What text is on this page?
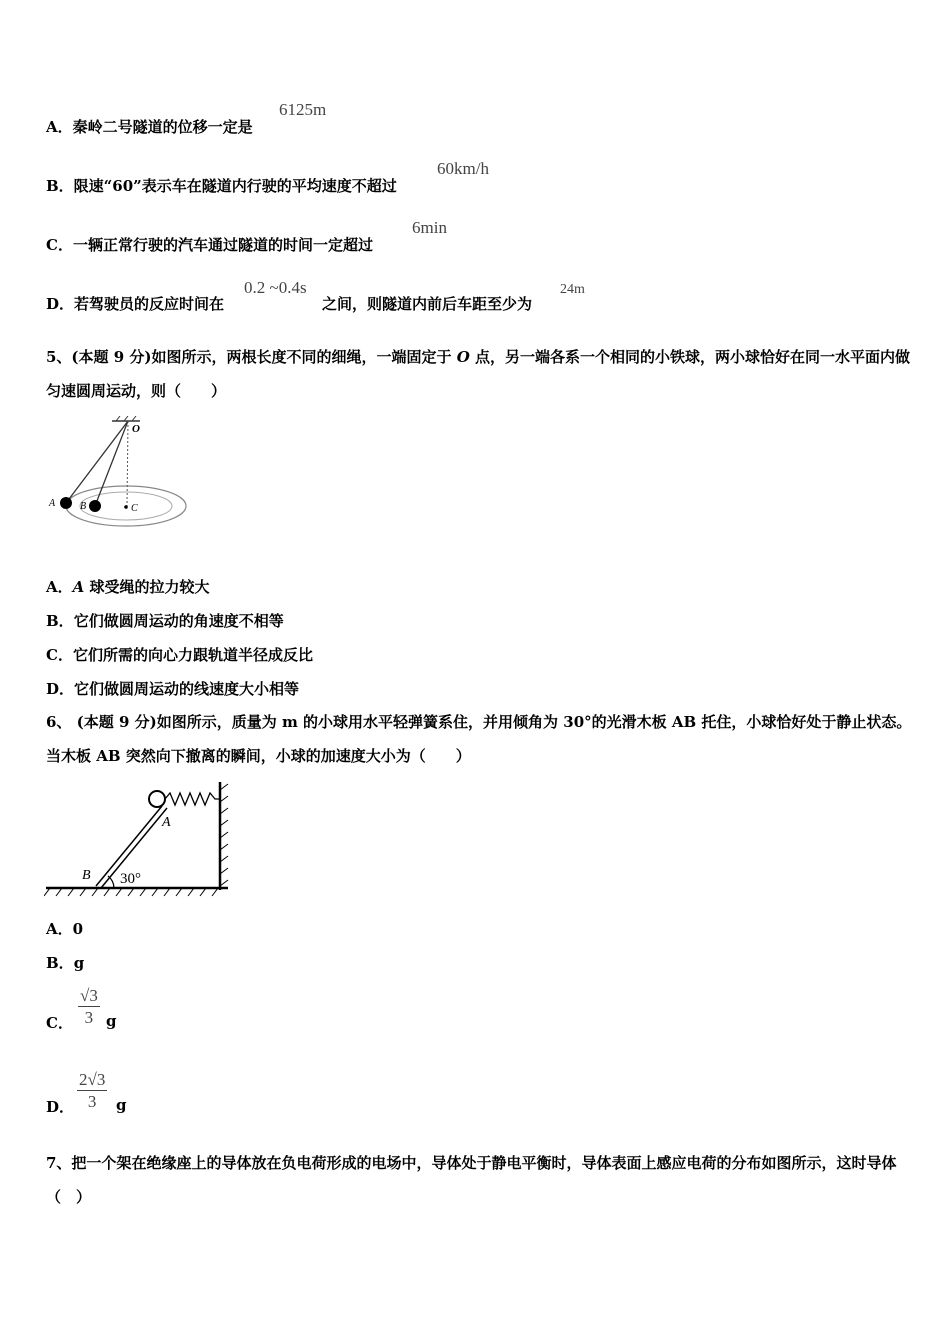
A．秦岭二号隧道的位移一定是
6125m
B．限速“60”表示车在隧道内行驶的平均速度不超过
60km/h
C．一辆正常行驶的汽车通过隧道的时间一定超过
6min
D．若驾驶员的反应时间在
0.2 ~0.4s
之间，则隧道内前后车距至少为
24m
5、(本题 9 分)如图所示，两根长度不同的细绳，一端固定于 O 点，另一端各系一个相同的小铁球，两小球恰好在同一水平面内做匀速圆周运动，则（　　）
O
A B	C
A．A 球受绳的拉力较大
B．它们做圆周运动的角速度不相等
C．它们所需的向心力跟轨道半径成反比
D．它们做圆周运动的线速度大小相等
6、 (本题 9 分)如图所示，质量为 m 的小球用水平轻弹簧系住，并用倾角为 30°的光滑木板 AB 托住，小球恰好处于静止状态。当木板 AB 突然向下撤离的瞬间，小球的加速度大小为（　　）
A
B 30°
A．0
B．g
C． $\frac{√3}{3}$ g
D． $\frac{2√3}{3}$ g
7、把一个架在绝缘座上的导体放在负电荷形成的电场中，导体处于静电平衡时，导体表面上感应电荷的分布如图所示，这时导体（　）
